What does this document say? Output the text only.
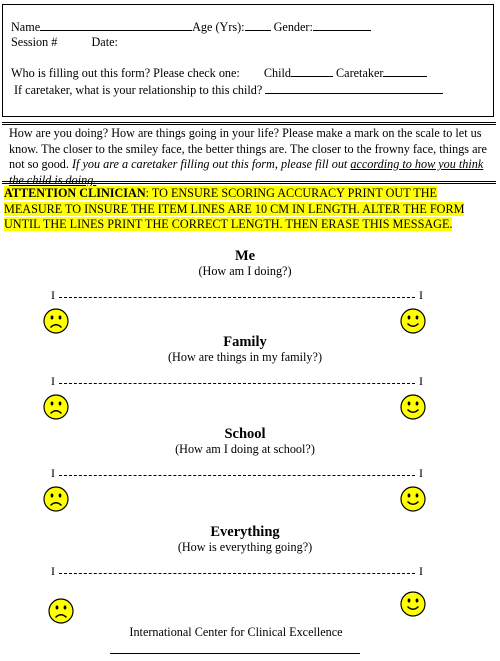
Name	Age (Yrs): Gender:
Session #	Date:
Who is filling out this form? Please check one: Child	Caretaker
If caretaker, what is your relationship to this child?
How are you doing? How are things going in your life? Please make a mark on the scale to let us know. The closer to the smiley face, the better things are. The closer to the frowny face, things are not so good. If you are a caretaker filling out this form, please fill out according to how you think the child is doing.
ATTENTION CLINICIAN: TO ENSURE SCORING ACCURACY PRINT OUT THE MEASURE TO INSURE THE ITEM LINES ARE 10 CM IN LENGTH. ALTER THE FORM UNTIL THE LINES PRINT THE CORRECT LENGTH. THEN ERASE THIS MESSAGE.
Me
(How am I doing?)
I	I
Family
(How are things in my family?)
I	I
School
(How am I doing at school?)
I	I
Everything
(How is everything going?)
I	I
International Center for Clinical Excellence
